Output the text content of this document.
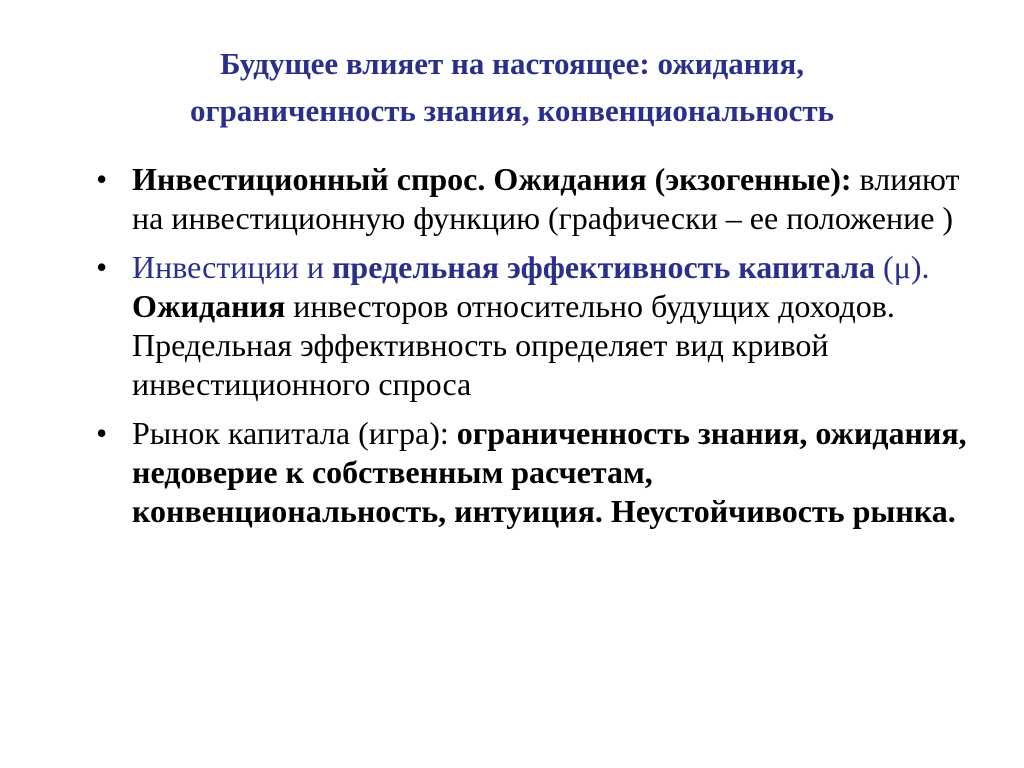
Будущее влияет на настоящее: ожидания,
ограниченность знания, конвенциональность
• Инвестиционный спрос. Ожидания (экзогенные): влияют на инвестиционную функцию (графически – ее положение )
• Инвестиции и предельная эффективность капитала (μ). Ожидания инвесторов относительно будущих доходов. Предельная эффективность определяет вид кривой инвестиционного спроса
• Рынок капитала (игра): ограниченность знания, ожидания, недоверие к собственным расчетам, конвенциональность, интуиция. Неустойчивость рынка.
